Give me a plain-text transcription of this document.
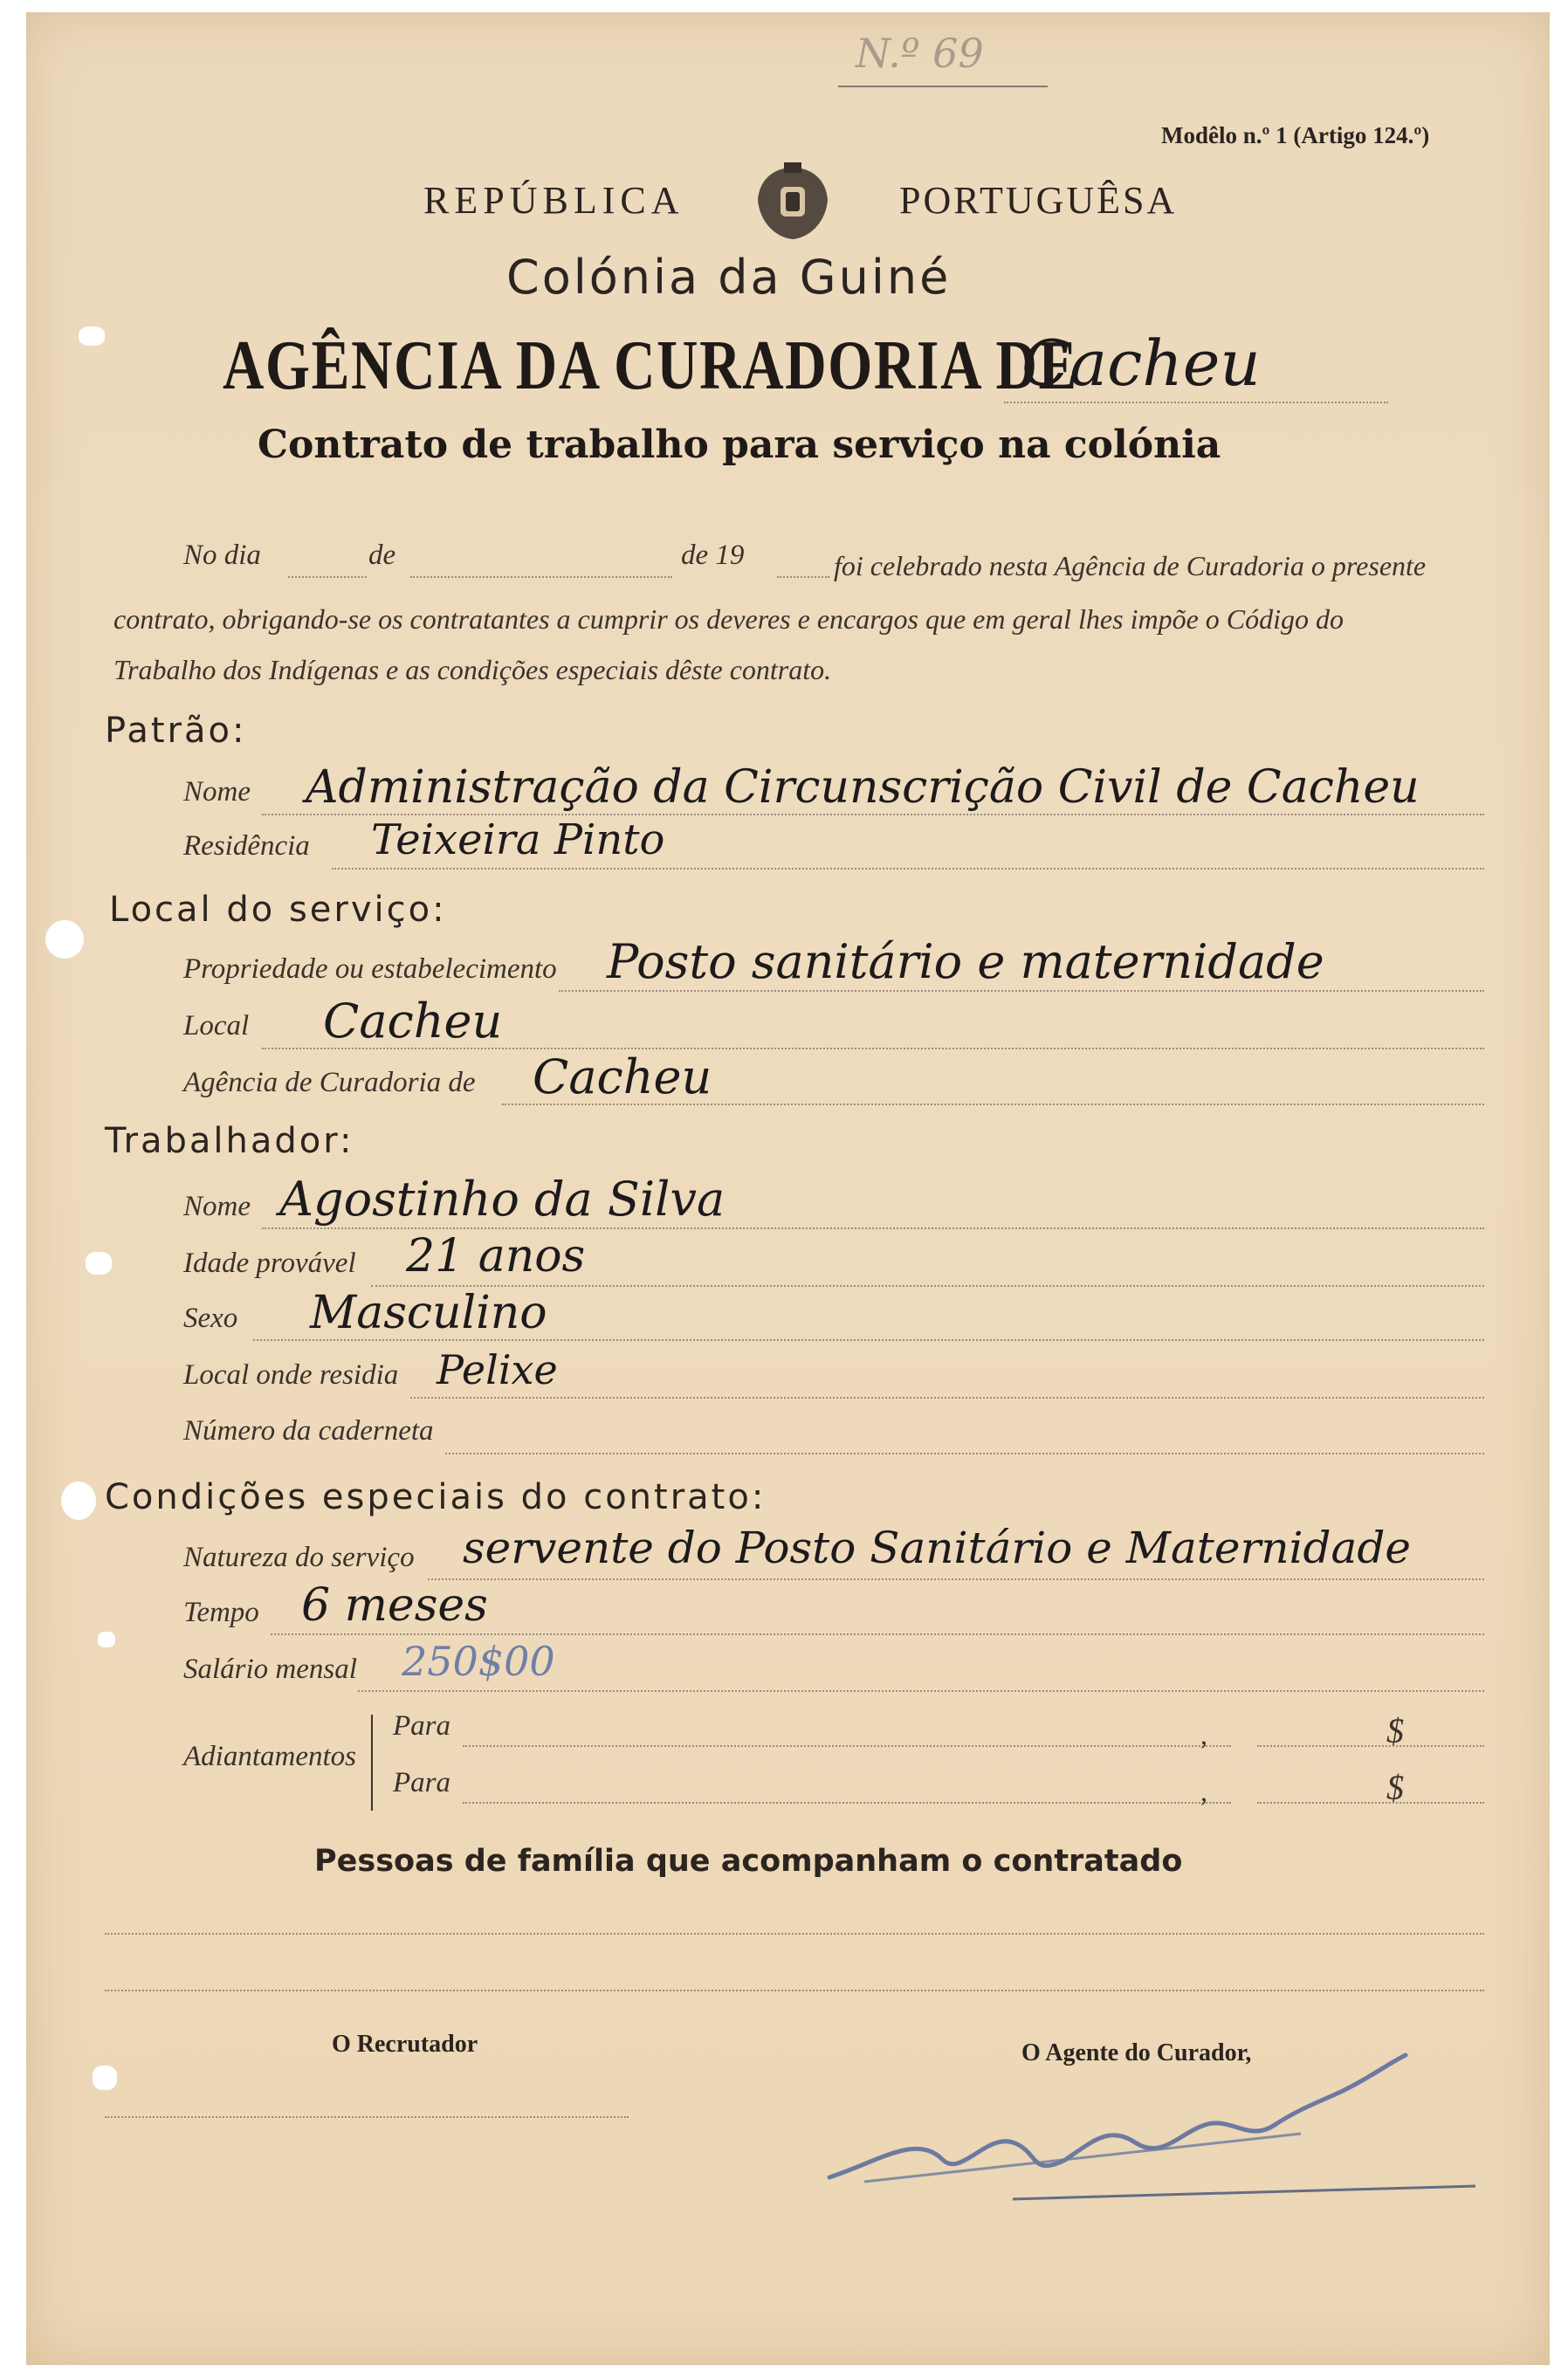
N.º 69
Modêlo n.º 1 (Artigo 124.º)
REPÚBLICA	PORTUGUÊSA
Colónia da Guiné
AGÊNCIA DA CURADORIA DE
Cacheu
Contrato de trabalho para serviço na colónia
No dia	de	de 19	foi celebrado nesta Agência de Curadoria o presente
contrato, obrigando-se os contratantes a cumprir os deveres e encargos que em geral lhes impõe o Código do
Trabalho dos Indígenas e as condições especiais dêste contrato.
Patrão:
Nome Administração da Circunscrição Civil de Cacheu
Residência Teixeira Pinto
Local do serviço:
Propriedade ou estabelecimento Posto sanitário e maternidade
Local Cacheu
Agência de Curadoria de Cacheu
Trabalhador:
Nome Agostinho da Silva
Idade provável 21 anos
Sexo Masculino
Local onde residia Pelixe
Número da caderneta
Condições especiais do contrato:
Natureza do serviço servente do Posto Sanitário e Maternidade
Tempo 6 meses
Salário mensal 250$00
Adiantamentos
Para	,	$
Para	,	$
Pessoas de família que acompanham o contratado
O Recrutador	O Agente do Curador,
